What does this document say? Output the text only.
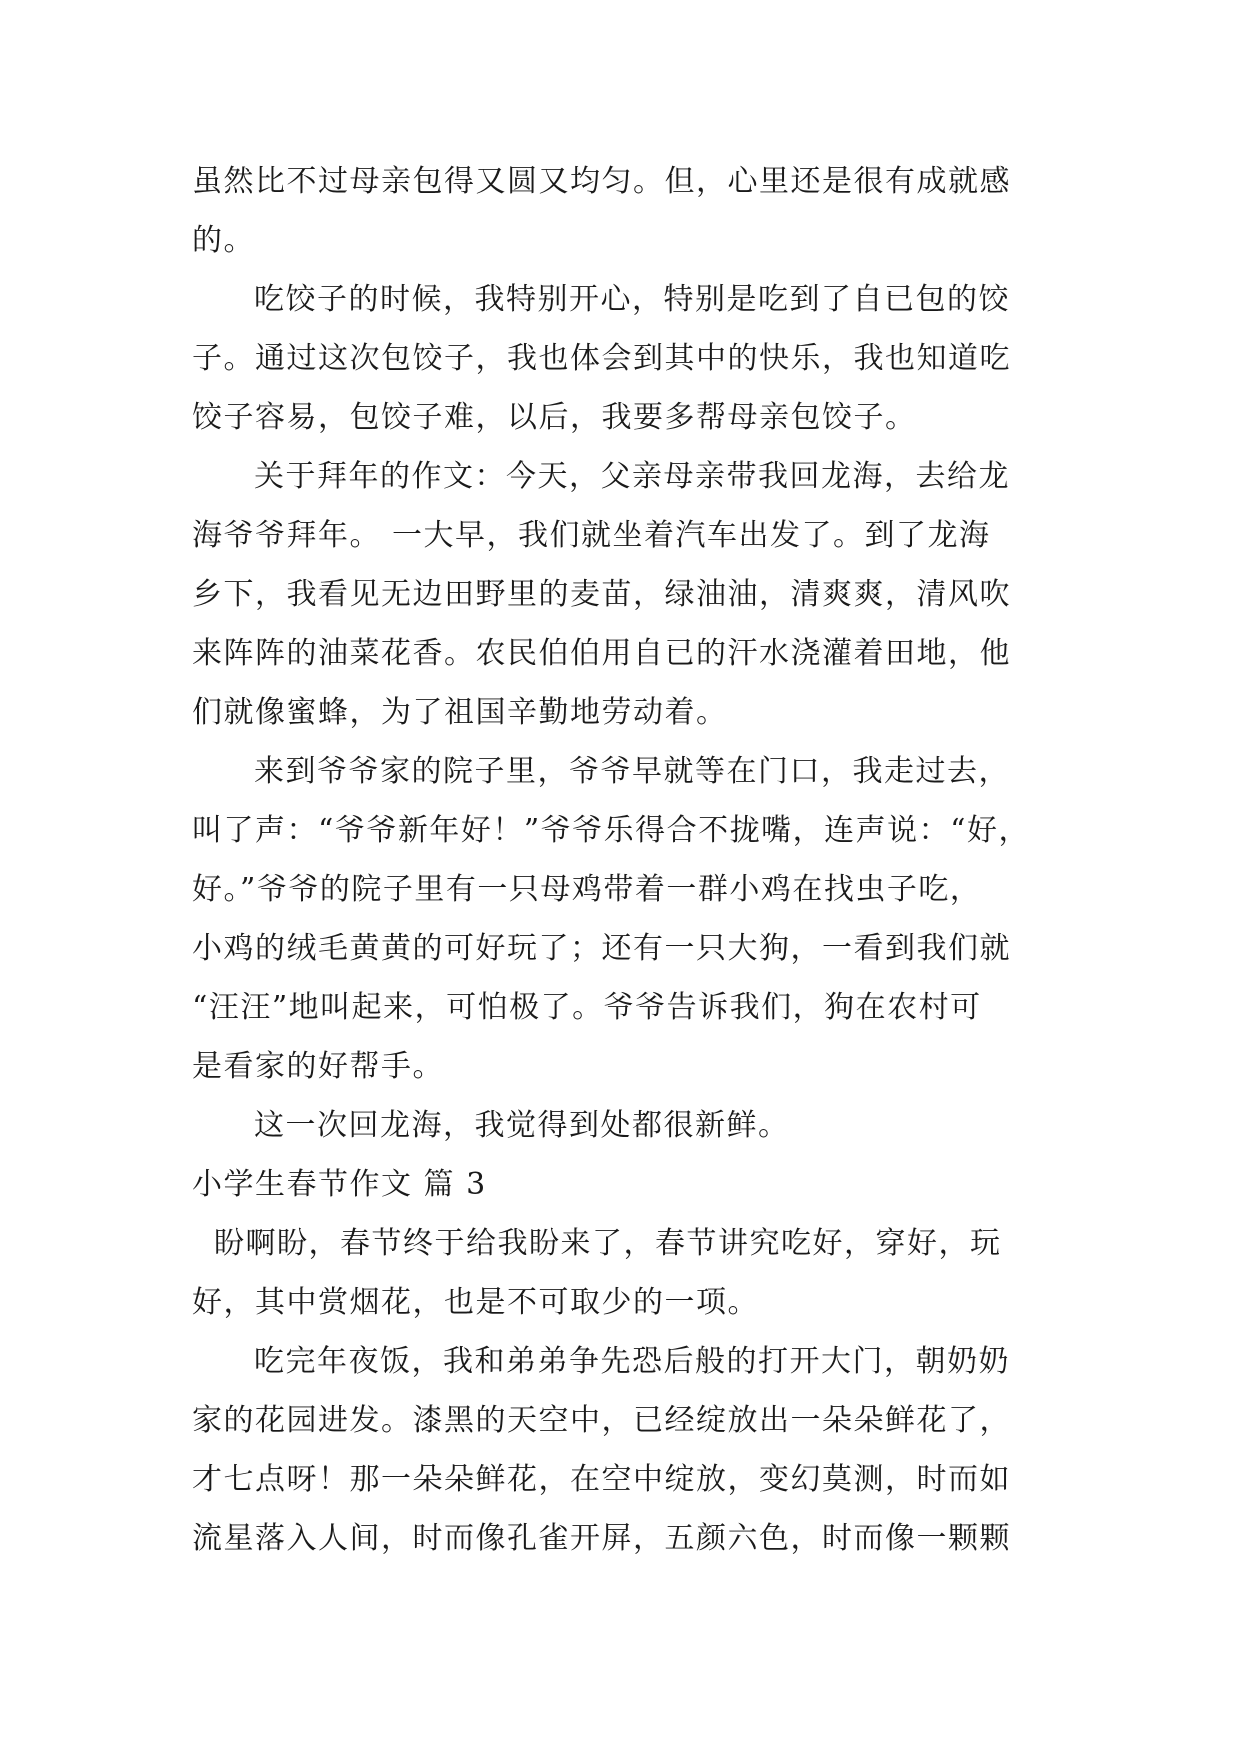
虽然比不过母亲包得又圆又均匀。但，心里还是很有成就感
的。
吃饺子的时候，我特别开心，特别是吃到了自已包的饺
子。通过这次包饺子，我也体会到其中的快乐，我也知道吃
饺子容易，包饺子难，以后，我要多帮母亲包饺子。
关于拜年的作文：今天，父亲母亲带我回龙海，去给龙
海爷爷拜年。 一大早，我们就坐着汽车出发了。到了龙海
乡下，我看见无边田野里的麦苗，绿油油，清爽爽，清风吹
来阵阵的油菜花香。农民伯伯用自已的汗水浇灌着田地，他
们就像蜜蜂，为了祖国辛勤地劳动着。
来到爷爷家的院子里，爷爷早就等在门口，我走过去，
叫了声：“爷爷新年好！”爷爷乐得合不拢嘴，连声说：“好，
好。”爷爷的院子里有一只母鸡带着一群小鸡在找虫子吃，
小鸡的绒毛黄黄的可好玩了；还有一只大狗，一看到我们就
“汪汪”地叫起来，可怕极了。爷爷告诉我们，狗在农村可
是看家的好帮手。
这一次回龙海，我觉得到处都很新鲜。
小学生春节作文 篇 3
盼啊盼，春节终于给我盼来了，春节讲究吃好，穿好，玩
好，其中赏烟花，也是不可取少的一项。
吃完年夜饭，我和弟弟争先恐后般的打开大门，朝奶奶
家的花园进发。漆黑的天空中，已经绽放出一朵朵鲜花了，
才七点呀！那一朵朵鲜花，在空中绽放，变幻莫测，时而如
流星落入人间，时而像孔雀开屏，五颜六色，时而像一颗颗
